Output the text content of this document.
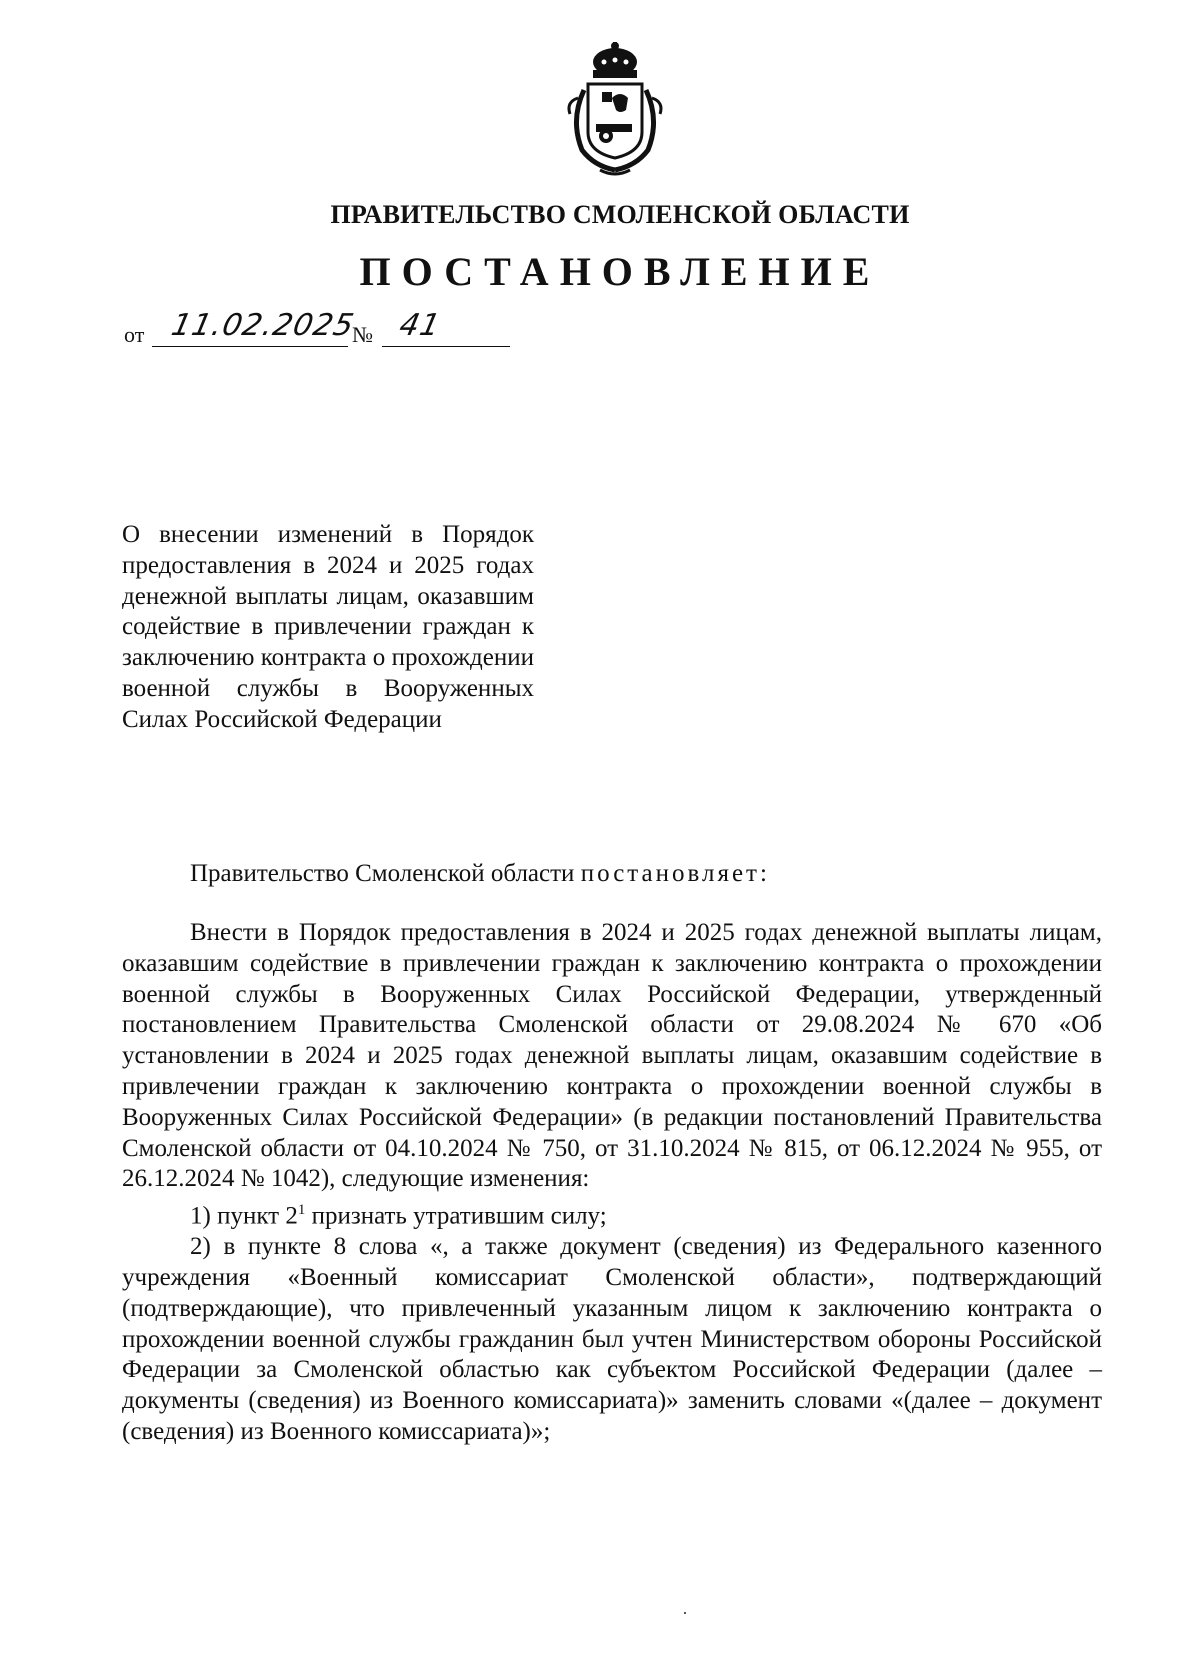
ПРАВИТЕЛЬСТВО СМОЛЕНСКОЙ ОБЛАСТИ
ПОСТАНОВЛЕНИЕ
от 11.02.2025
№ 41
О внесении изменений в Порядок предоставления в 2024 и 2025 годах денежной выплаты лицам, оказавшим содействие в привлечении граждан к заключению контракта о прохождении военной службы в Вооруженных Силах Российской Федерации
Правительство Смоленской области постановляет:

Внести в Порядок предоставления в 2024 и 2025 годах денежной выплаты лицам, оказавшим содействие в привлечении граждан к заключению контракта о прохождении военной службы в Вооруженных Силах Российской Федерации, утвержденный постановлением Правительства Смоленской области от 29.08.2024 № 670 «Об установлении в 2024 и 2025 годах денежной выплаты лицам, оказавшим содействие в привлечении граждан к заключению контракта о прохождении военной службы в Вооруженных Силах Российской Федерации» (в редакции постановлений Правительства Смоленской области от 04.10.2024 № 750, от 31.10.2024 № 815, от 06.12.2024 № 955, от 26.12.2024 № 1042), следующие изменения:

1) пункт $2^1$ признать утратившим силу;

2) в пункте 8 слова «, а также документ (сведения) из Федерального казенного учреждения «Военный комиссариат Смоленской области», подтверждающий (подтверждающие), что привлеченный указанным лицом к заключению контракта о прохождении военной службы гражданин был учтен Министерством обороны Российской Федерации за Смоленской областью как субъектом Российской Федерации (далее – документы (сведения) из Военного комиссариата)» заменить словами «(далее – документ (сведения) из Военного комиссариата)»;
